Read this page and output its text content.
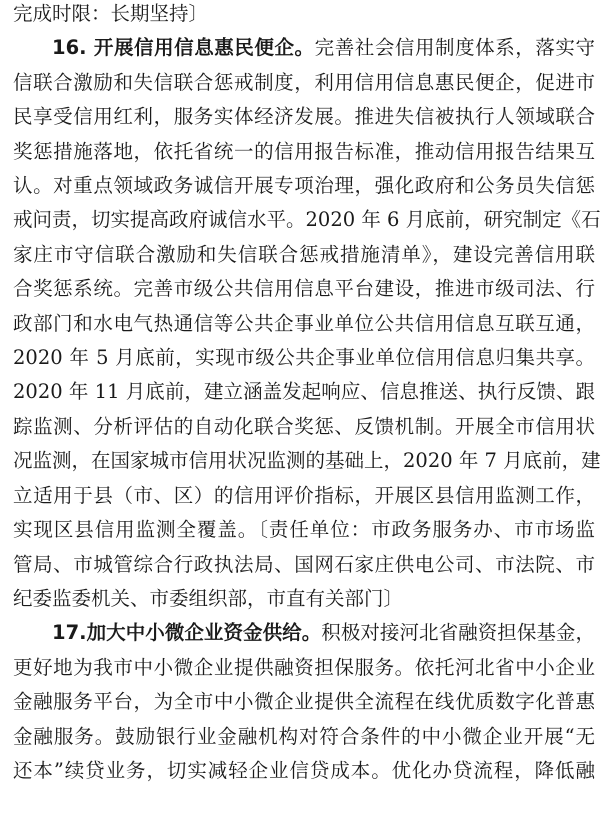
完成时限：长期坚持〕
16. 开展信用信息惠民便企。完善社会信用制度体系，落实守
信联合激励和失信联合惩戒制度，利用信用信息惠民便企，促进市
民享受信用红利，服务实体经济发展。推进失信被执行人领域联合
奖惩措施落地，依托省统一的信用报告标准，推动信用报告结果互
认。对重点领域政务诚信开展专项治理，强化政府和公务员失信惩
戒问责，切实提高政府诚信水平。2020 年 6 月底前，研究制定《石
家庄市守信联合激励和失信联合惩戒措施清单》，建设完善信用联
合奖惩系统。完善市级公共信用信息平台建设，推进市级司法、行
政部门和水电气热通信等公共企事业单位公共信用信息互联互通，
2020 年 5 月底前，实现市级公共企事业单位信用信息归集共享。
2020 年 11 月底前，建立涵盖发起响应、信息推送、执行反馈、跟
踪监测、分析评估的自动化联合奖惩、反馈机制。开展全市信用状
况监测，在国家城市信用状况监测的基础上，2020 年 7 月底前，建
立适用于县（市、区）的信用评价指标，开展区县信用监测工作，
实现区县信用监测全覆盖。〔责任单位：市政务服务办、市市场监
管局、市城管综合行政执法局、国网石家庄供电公司、市法院、市
纪委监委机关、市委组织部，市直有关部门〕
17.加大中小微企业资金供给。积极对接河北省融资担保基金，
更好地为我市中小微企业提供融资担保服务。依托河北省中小企业
金融服务平台，为全市中小微企业提供全流程在线优质数字化普惠
金融服务。鼓励银行业金融机构对符合条件的中小微企业开展“无
还本”续贷业务，切实减轻企业信贷成本。优化办贷流程，降低融
